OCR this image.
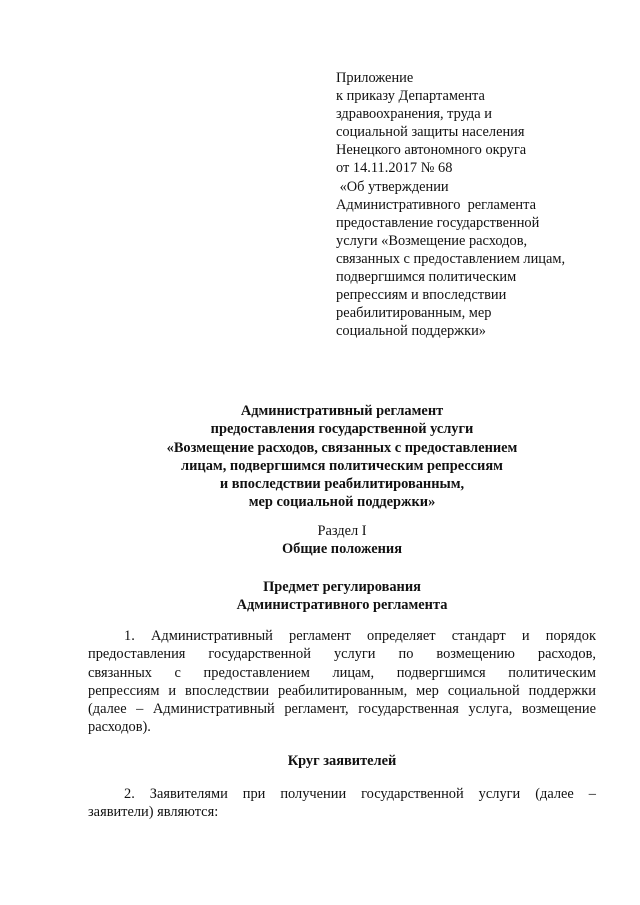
Приложение
к приказу Департамента
здравоохранения, труда и
социальной защиты населения
Ненецкого автономного округа
от 14.11.2017 № 68
«Об утверждении
Административного  регламента
предоставление государственной
услуги «Возмещение расходов,
связанных с предоставлением лицам,
подвергшимся политическим
репрессиям и впоследствии
реабилитированным, мер
социальной поддержки»
Административный регламент
предоставления государственной услуги
«Возмещение расходов, связанных с предоставлением
лицам, подвергшимся политическим репрессиям
и впоследствии реабилитированным,
мер социальной поддержки»
Раздел I
Общие положения
Предмет регулирования
Административного регламента
1. Административный регламент определяет стандарт и порядок
предоставления государственной услуги по возмещению расходов,
связанных с предоставлением лицам, подвергшимся политическим
репрессиям и впоследствии реабилитированным, мер социальной поддержки
(далее – Административный регламент, государственная услуга, возмещение
расходов).
Круг заявителей
2. Заявителями при получении государственной услуги (далее –
заявители) являются:
